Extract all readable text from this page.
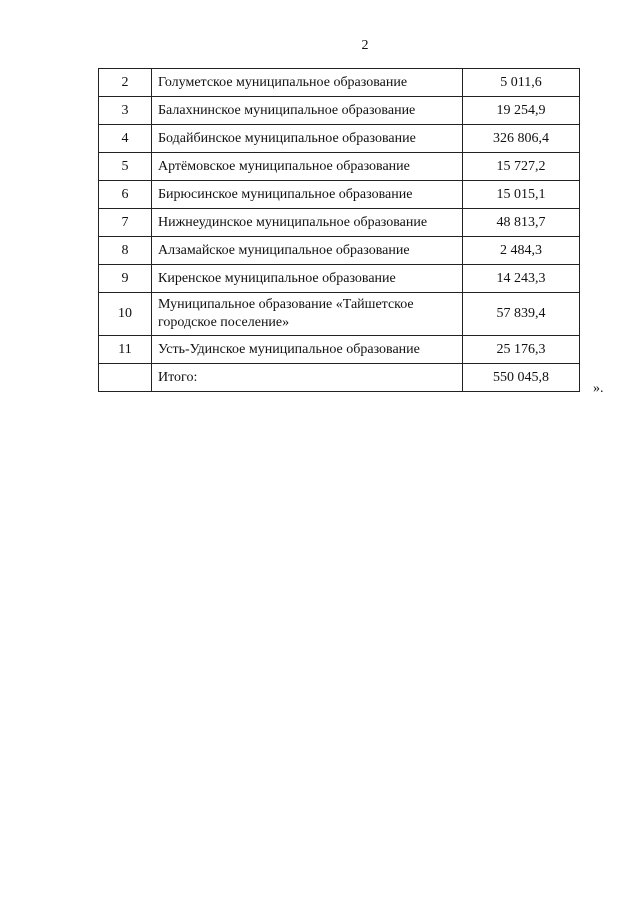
2
2	Голуметское муниципальное образование	5 011,6
3	Балахнинское муниципальное образование	19 254,9
4	Бодайбинское муниципальное образование	326 806,4
5	Артёмовское муниципальное образование	15 727,2
6	Бирюсинское муниципальное образование	15 015,1
7	Нижнеудинское муниципальное образование	48 813,7
8	Алзамайское муниципальное образование	2 484,3
9	Киренское муниципальное образование	14 243,3
10	Муниципальное образование «Тайшетское городское поселение»	57 839,4
11	Усть-Удинское муниципальное образование	25 176,3
	Итого:	550 045,8
».
